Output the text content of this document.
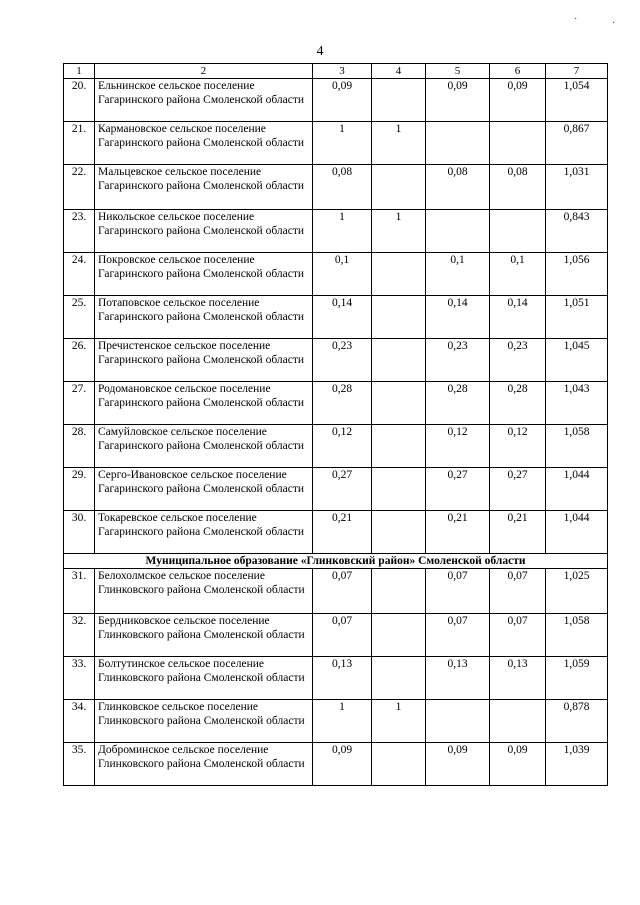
4
1	2	3	4	5	6	7
20.	Ельнинское сельское поселение Гагаринского района Смоленской области	0,09		0,09	0,09	1,054
21.	Кармановское сельское поселение Гагаринского района Смоленской области	1	1			0,867
22.	Мальцевское сельское поселение Гагаринского района Смоленской области	0,08		0,08	0,08	1,031
23.	Никольское сельское поселение Гагаринского района Смоленской области	1	1			0,843
24.	Покровское сельское поселение Гагаринского района Смоленской области	0,1		0,1	0,1	1,056
25.	Потаповское сельское поселение Гагаринского района Смоленской области	0,14		0,14	0,14	1,051
26.	Пречистенское сельское поселение Гагаринского района Смоленской области	0,23		0,23	0,23	1,045
27.	Родомановское сельское поселение Гагаринского района Смоленской области	0,28		0,28	0,28	1,043
28.	Самуйловское сельское поселение Гагаринского района Смоленской области	0,12		0,12	0,12	1,058
29.	Серго-Ивановское сельское поселение Гагаринского района Смоленской области	0,27		0,27	0,27	1,044
30.	Токаревское сельское поселение Гагаринского района Смоленской области	0,21		0,21	0,21	1,044
Муниципальное образование «Глинковский район» Смоленской области						
31.	Белохолмское сельское поселение Глинковского района Смоленской области	0,07		0,07	0,07	1,025
32.	Бердниковское сельское поселение Глинковского района Смоленской области	0,07		0,07	0,07	1,058
33.	Болтутинское сельское поселение Глинковского района Смоленской области	0,13		0,13	0,13	1,059
34.	Глинковское сельское поселение Глинковского района Смоленской области	1	1			0,878
35.	Доброминское сельское поселение Глинковского района Смоленской области	0,09		0,09	0,09	1,039
·	·
